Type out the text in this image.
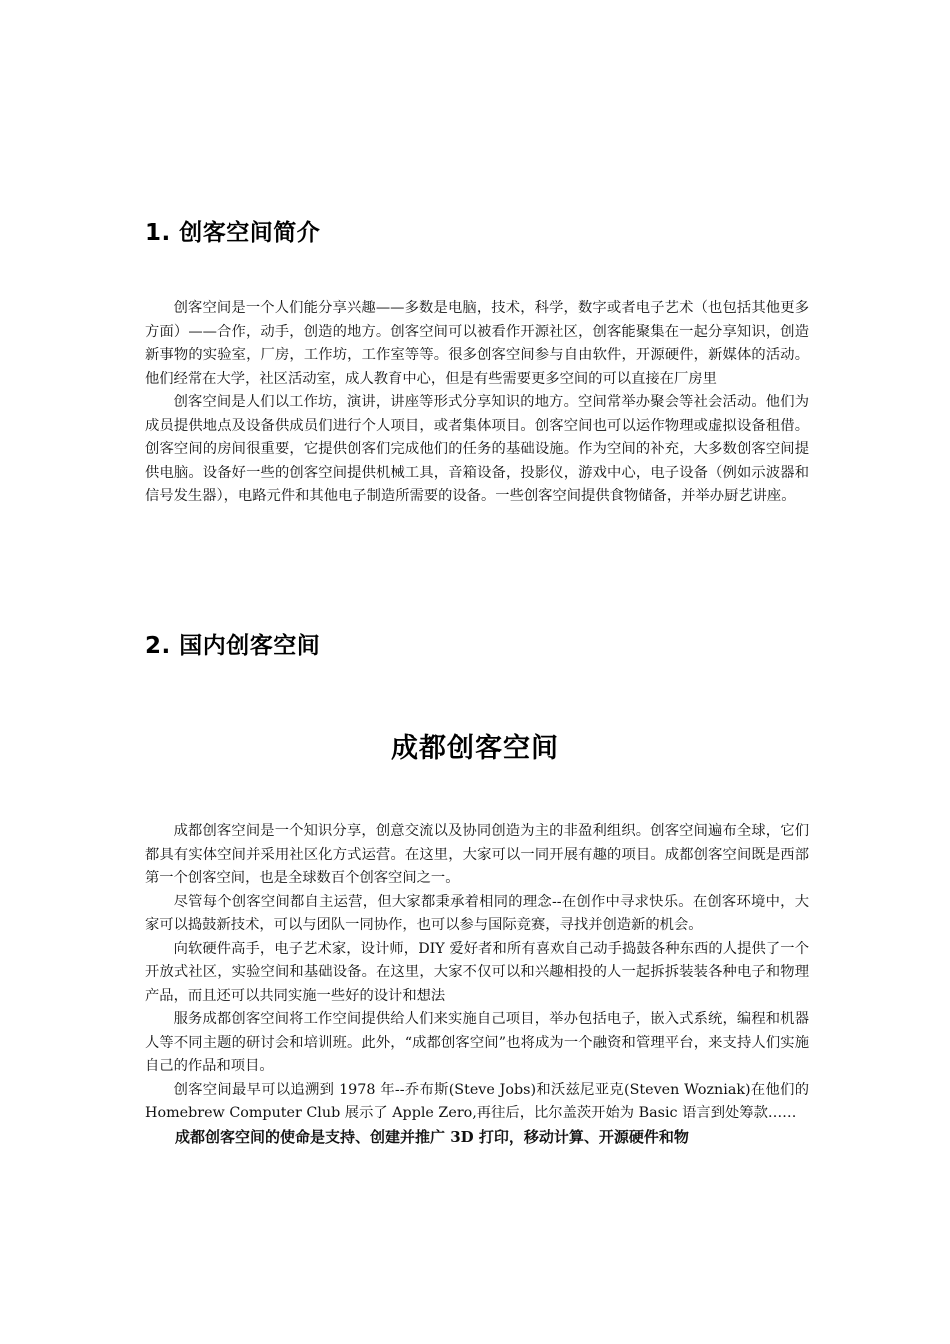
1. 创客空间简介

创客空间是一个人们能分享兴趣——多数是电脑，技术，科学，数字或者电子艺术（也包括其他更多方面）——合作，动手，创造的地方。创客空间可以被看作开源社区，创客能聚集在一起分享知识，创造新事物的实验室，厂房，工作坊，工作室等等。很多创客空间参与自由软件，开源硬件，新媒体的活动。他们经常在大学，社区活动室，成人教育中心，但是有些需要更多空间的可以直接在厂房里

创客空间是人们以工作坊，演讲，讲座等形式分享知识的地方。空间常举办聚会等社会活动。他们为成员提供地点及设备供成员们进行个人项目，或者集体项目。创客空间也可以运作物理或虚拟设备租借。创客空间的房间很重要，它提供创客们完成他们的任务的基础设施。作为空间的补充，大多数创客空间提供电脑。设备好一些的创客空间提供机械工具，音箱设备，投影仪，游戏中心，电子设备（例如示波器和信号发生器），电路元件和其他电子制造所需要的设备。一些创客空间提供食物储备，并举办厨艺讲座。

2. 国内创客空间
成都创客空间

成都创客空间是一个知识分享，创意交流以及协同创造为主的非盈利组织。创客空间遍布全球，它们都具有实体空间并采用社区化方式运营。在这里，大家可以一同开展有趣的项目。成都创客空间既是西部第一个创客空间，也是全球数百个创客空间之一。

尽管每个创客空间都自主运营，但大家都秉承着相同的理念--在创作中寻求快乐。在创客环境中，大家可以捣鼓新技术，可以与团队一同协作，也可以参与国际竞赛，寻找并创造新的机会。

向软硬件高手，电子艺术家，设计师，DIY 爱好者和所有喜欢自己动手捣鼓各种东西的人提供了一个开放式社区，实验空间和基础设备。在这里，大家不仅可以和兴趣相投的人一起拆拆装装各种电子和物理产品，而且还可以共同实施一些好的设计和想法

服务成都创客空间将工作空间提供给人们来实施自己项目，举办包括电子，嵌入式系统，编程和机器人等不同主题的研讨会和培训班。此外，“成都创客空间”也将成为一个融资和管理平台，来支持人们实施自己的作品和项目。

创客空间最早可以追溯到 1978 年--乔布斯(Steve Jobs)和沃兹尼亚克(Steven Wozniak)在他们的 Homebrew Computer Club 展示了 Apple Zero,再往后，比尔盖茨开始为 Basic 语言到处筹款……

成都创客空间的使命是支持、创建并推广 3D 打印，移动计算、开源硬件和物
